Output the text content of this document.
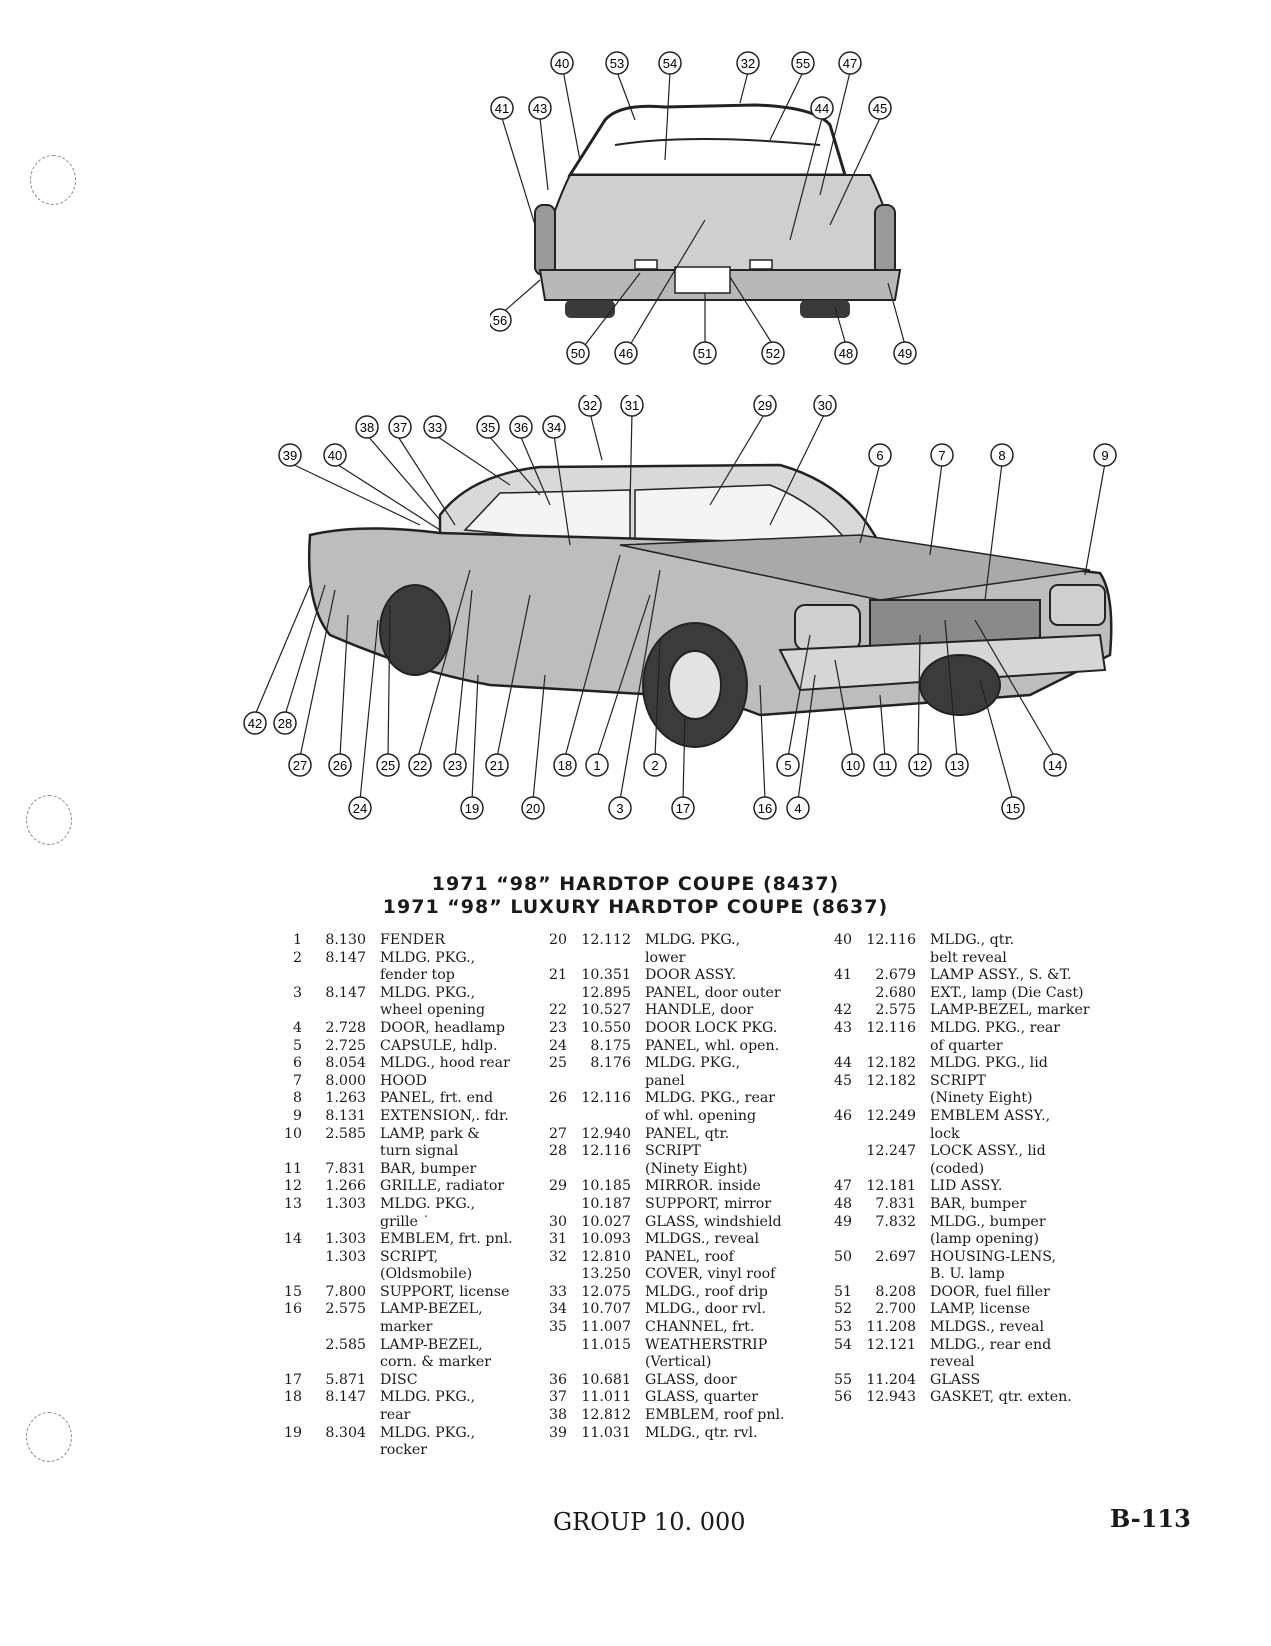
40	53	54	32	55	47
41 43	44	45
56
50	46	51	52	48	49
32 31	29	30
38 37 33	35 36 34
39 40	6	7	8	9
42 28
27 26	25 22 23 21	18 1	2	5	10 11 12 13	14
24	19	20	3	17	16 4	15
1971 “98” HARDTOP COUPE (8437)
1971 “98” LUXURY HARDTOP COUPE (8637)
1	8.130 FENDER
2	8.147 MLDG. PKG.,
fender top
3	8.147 MLDG. PKG.,
wheel opening
4	2.728 DOOR, headlamp
5	2.725 CAPSULE, hdlp.
6	8.054 MLDG., hood rear
7	8.000 HOOD
8	1.263 PANEL, frt. end
9	8.131 EXTENSION,. fdr.
10	2.585 LAMP, park &
turn signal
11	7.831 BAR, bumper
12	1.266 GRILLE, radiator
13	1.303 MLDG. PKG.,
grille ˙
14	1.303 EMBLEM, frt. pnl.
1.303 SCRIPT,
(Oldsmobile)
15	7.800 SUPPORT, license
16	2.575 LAMP-BEZEL,
marker
2.585 LAMP-BEZEL,
corn. & marker
17	5.871 DISC
18	8.147 MLDG. PKG.,
rear
19	8.304 MLDG. PKG.,
rocker
20	12.112 MLDG. PKG.,
lower
21	10.351 DOOR ASSY.
12.895 PANEL, door outer
22	10.527 HANDLE, door
23	10.550 DOOR LOCK PKG.
24	8.175 PANEL, whl. open.
25	8.176 MLDG. PKG.,
panel
26	12.116 MLDG. PKG., rear
of whl. opening
27	12.940 PANEL, qtr.
28	12.116 SCRIPT
(Ninety Eight)
29	10.185 MIRROR. inside
10.187 SUPPORT, mirror
30	10.027 GLASS, windshield
31	10.093 MLDGS., reveal
32	12.810 PANEL, roof
13.250 COVER, vinyl roof
33	12.075 MLDG., roof drip
34	10.707 MLDG., door rvl.
35	11.007 CHANNEL, frt.
11.015 WEATHERSTRIP
(Vertical)
36	10.681 GLASS, door
37	11.011 GLASS, quarter
38	12.812 EMBLEM, roof pnl.
39	11.031 MLDG., qtr. rvl.
40	12.116 MLDG., qtr.
belt reveal
41	2.679 LAMP ASSY., S. &T.
2.680 EXT., lamp (Die Cast)
42	2.575 LAMP-BEZEL, marker
43	12.116 MLDG. PKG., rear
of quarter
44	12.182 MLDG. PKG., lid
45	12.182 SCRIPT
(Ninety Eight)
46	12.249 EMBLEM ASSY.,
lock
12.247 LOCK ASSY., lid
(coded)
47	12.181 LID ASSY.
48	7.831 BAR, bumper
49	7.832 MLDG., bumper
(lamp opening)
50	2.697 HOUSING-LENS,
B. U. lamp
51	8.208 DOOR, fuel filler
52	2.700 LAMP, license
53	11.208 MLDGS., reveal
54	12.121 MLDG., rear end
reveal
55	11.204 GLASS
56	12.943 GASKET, qtr. exten.
GROUP 10. 000	B-113
